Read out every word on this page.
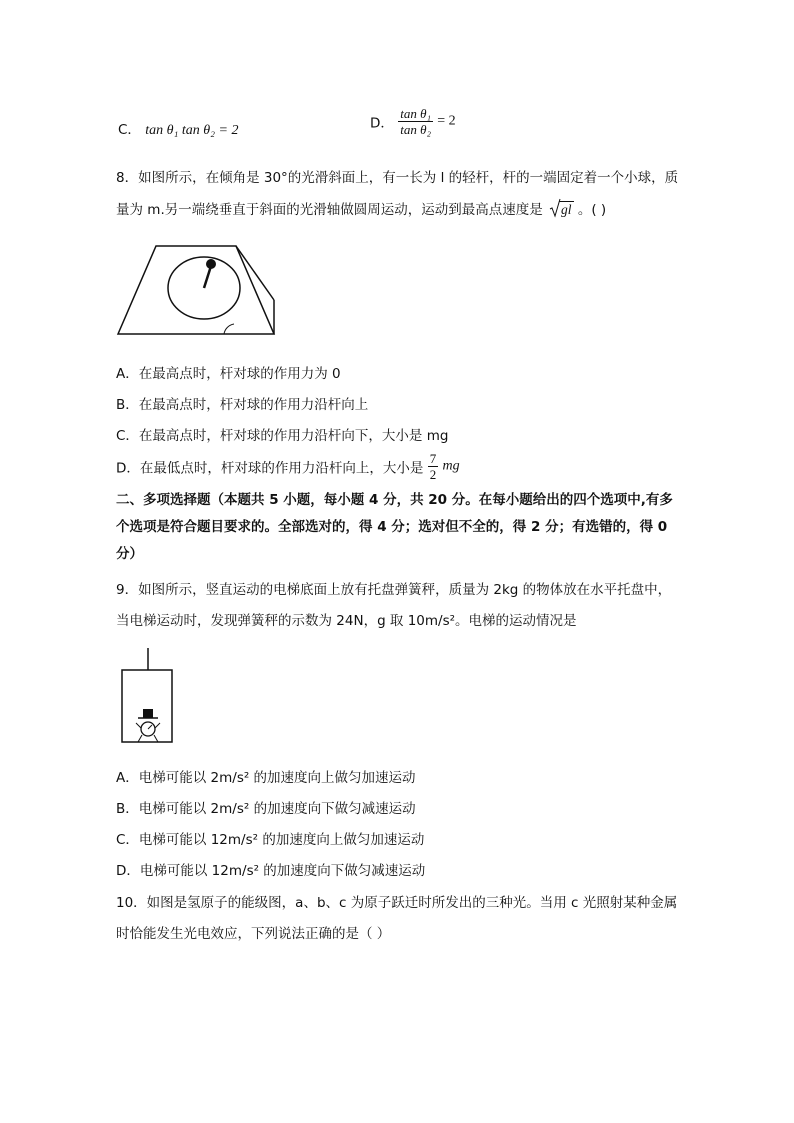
C． tan θ₁ tan θ₂ = 2	D． $\frac{\text{tan θ₁}}{\text{tan θ₂}} = 2$
8．如图所示，在倾角是 30°的光滑斜面上，有一长为 l 的轻杆，杆的一端固定着一个小球，质
量为 m.另一端绕垂直于斜面的光滑轴做圆周运动，运动到最高点速度是 gl 。( )
A．在最高点时，杆对球的作用力为 0
B．在最高点时，杆对球的作用力沿杆向上
C．在最高点时，杆对球的作用力沿杆向下，大小是 mg
D．在最低点时，杆对球的作用力沿杆向上，大小是 $\frac{7}{2}$ mg
二、多项选择题（本题共 5 小题，每小题 4 分，共 20 分。在每小题给出的四个选项中,有多
个选项是符合题目要求的。全部选对的，得 4 分；选对但不全的，得 2 分；有选错的，得 0
分）
9．如图所示，竖直运动的电梯底面上放有托盘弹簧秤，质量为 2kg 的物体放在水平托盘中，
当电梯运动时，发现弹簧秤的示数为 24N，g 取 10m/s²。电梯的运动情况是
A．电梯可能以 2m/s² 的加速度向上做匀加速运动
B．电梯可能以 2m/s² 的加速度向下做匀减速运动
C．电梯可能以 12m/s² 的加速度向上做匀加速运动
D．电梯可能以 12m/s² 的加速度向下做匀减速运动
10．如图是氢原子的能级图，a、b、c 为原子跃迁时所发出的三种光。当用 c 光照射某种金属
时恰能发生光电效应，下列说法正确的是（ ）
